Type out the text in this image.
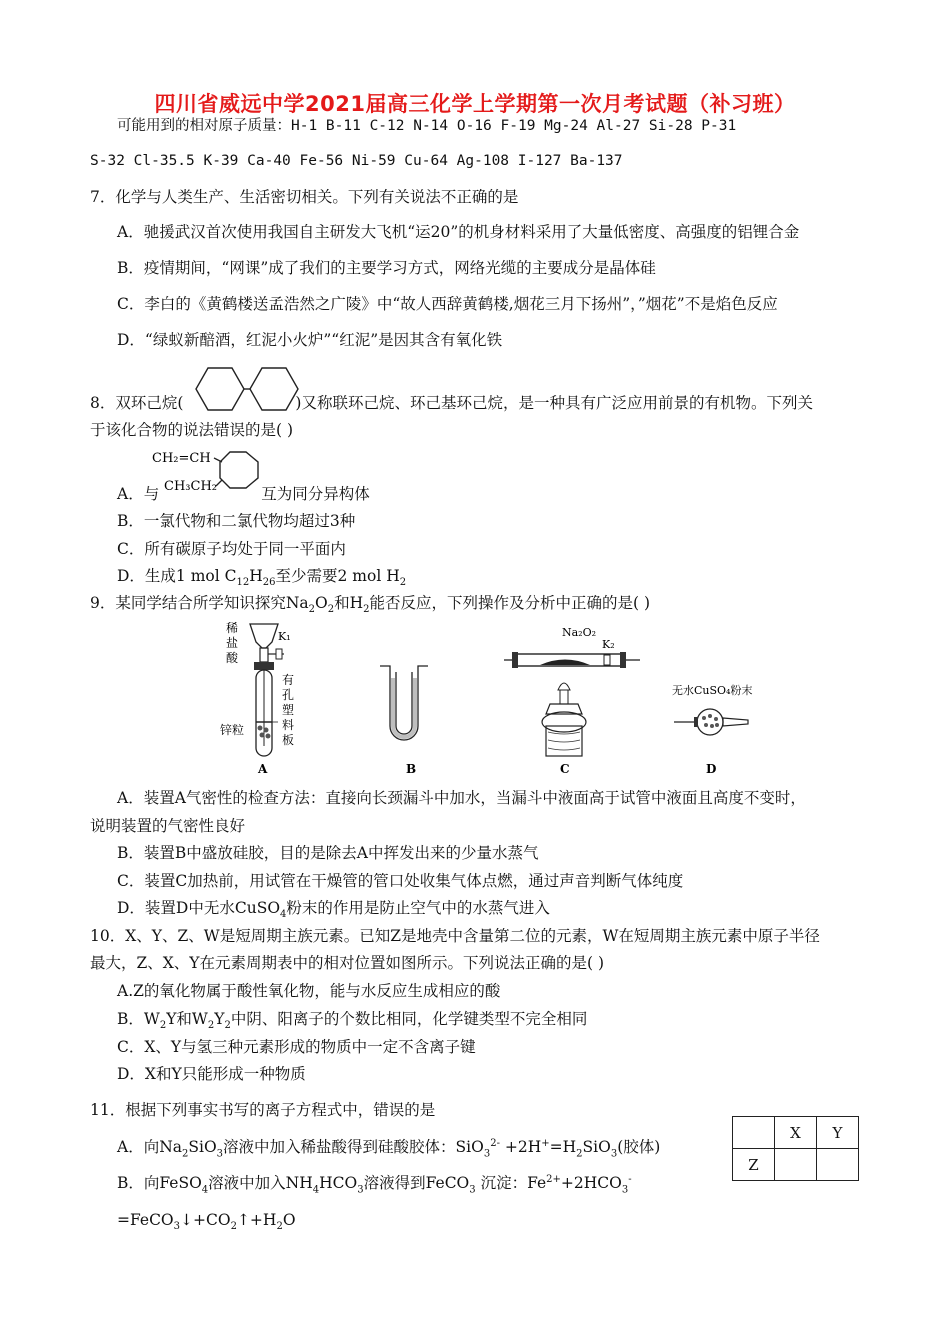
四川省威远中学2021届高三化学上学期第一次月考试题（补习班）
可能用到的相对原子质量：H-1 B-11 C-12 N-14 O-16 F-19 Mg-24 Al-27 Si-28 P-31
S-32 Cl-35.5 K-39 Ca-40 Fe-56 Ni-59 Cu-64 Ag-108 I-127 Ba-137
7．化学与人类生产、生活密切相关。下列有关说法不正确的是
A．驰援武汉首次使用我国自主研发大飞机“运20”的机身材料采用了大量低密度、高强度的铝锂合金
B．疫情期间，“网课”成了我们的主要学习方式，网络光缆的主要成分是晶体硅
C．李白的《黄鹤楼送孟浩然之广陵》中“故人西辞黄鹤楼,烟花三月下扬州”，”烟花”不是焰色反应
D．“绿蚁新醅酒，红泥小火炉”“红泥”是因其含有氧化铁
8．双环己烷(	)又称联环己烷、环己基环己烷，是一种具有广泛应用前景的有机物。下列关
于该化合物的说法错误的是( )
CH₂=CH
CH₃CH₂
A．与	互为同分异构体
B．一氯代物和二氯代物均超过3种
C．所有碳原子均处于同一平面内
D．生成1 mol $C_{12}H_{26}$至少需要2 mol $H_2$
9．某同学结合所学知识探究$Na_2O_2$和$H_2$能否反应，下列操作及分析中正确的是( )
稀
盐
酸
K₁
有
孔
塑
料
板
锌粒
A	B
Na₂O₂
K₂
C
无水CuSO₄粉末
D
A．装置A气密性的检查方法：直接向长颈漏斗中加水，当漏斗中液面高于试管中液面且高度不变时，
说明装置的气密性良好
B．装置B中盛放硅胶，目的是除去A中挥发出来的少量水蒸气
C．装置C加热前，用试管在干燥管的管口处收集气体点燃，通过声音判断气体纯度
D．装置D中无水CuSO$_4$粉末的作用是防止空气中的水蒸气进入
10．X、Y、Z、W是短周期主族元素。已知Z是地壳中含量第二位的元素，W在短周期主族元素中原子半径
最大，Z、X、Y在元素周期表中的相对位置如图所示。下列说法正确的是( )
A.Z的氧化物属于酸性氧化物，能与水反应生成相应的酸
B．$W_2Y$和$W_2Y_2$中阴、阳离子的个数比相同，化学键类型不完全相同
C．X、Y与氢三种元素形成的物质中一定不含离子键
D．X和Y只能形成一种物质
	X	Y
Z		
11．根据下列事实书写的离子方程式中，错误的是
A．向$Na_2SiO_3$溶液中加入稀盐酸得到硅酸胶体：$SiO_3^{2-} +2H^+=H_2SiO_3$(胶体)
B．向FeSO$_4$溶液中加入$NH_4HCO_3$溶液得到FeCO$_3$ 沉淀：$Fe^{2+}+2HCO_3^-$
$=FeCO_3↓+CO_2↑+H_2O$
